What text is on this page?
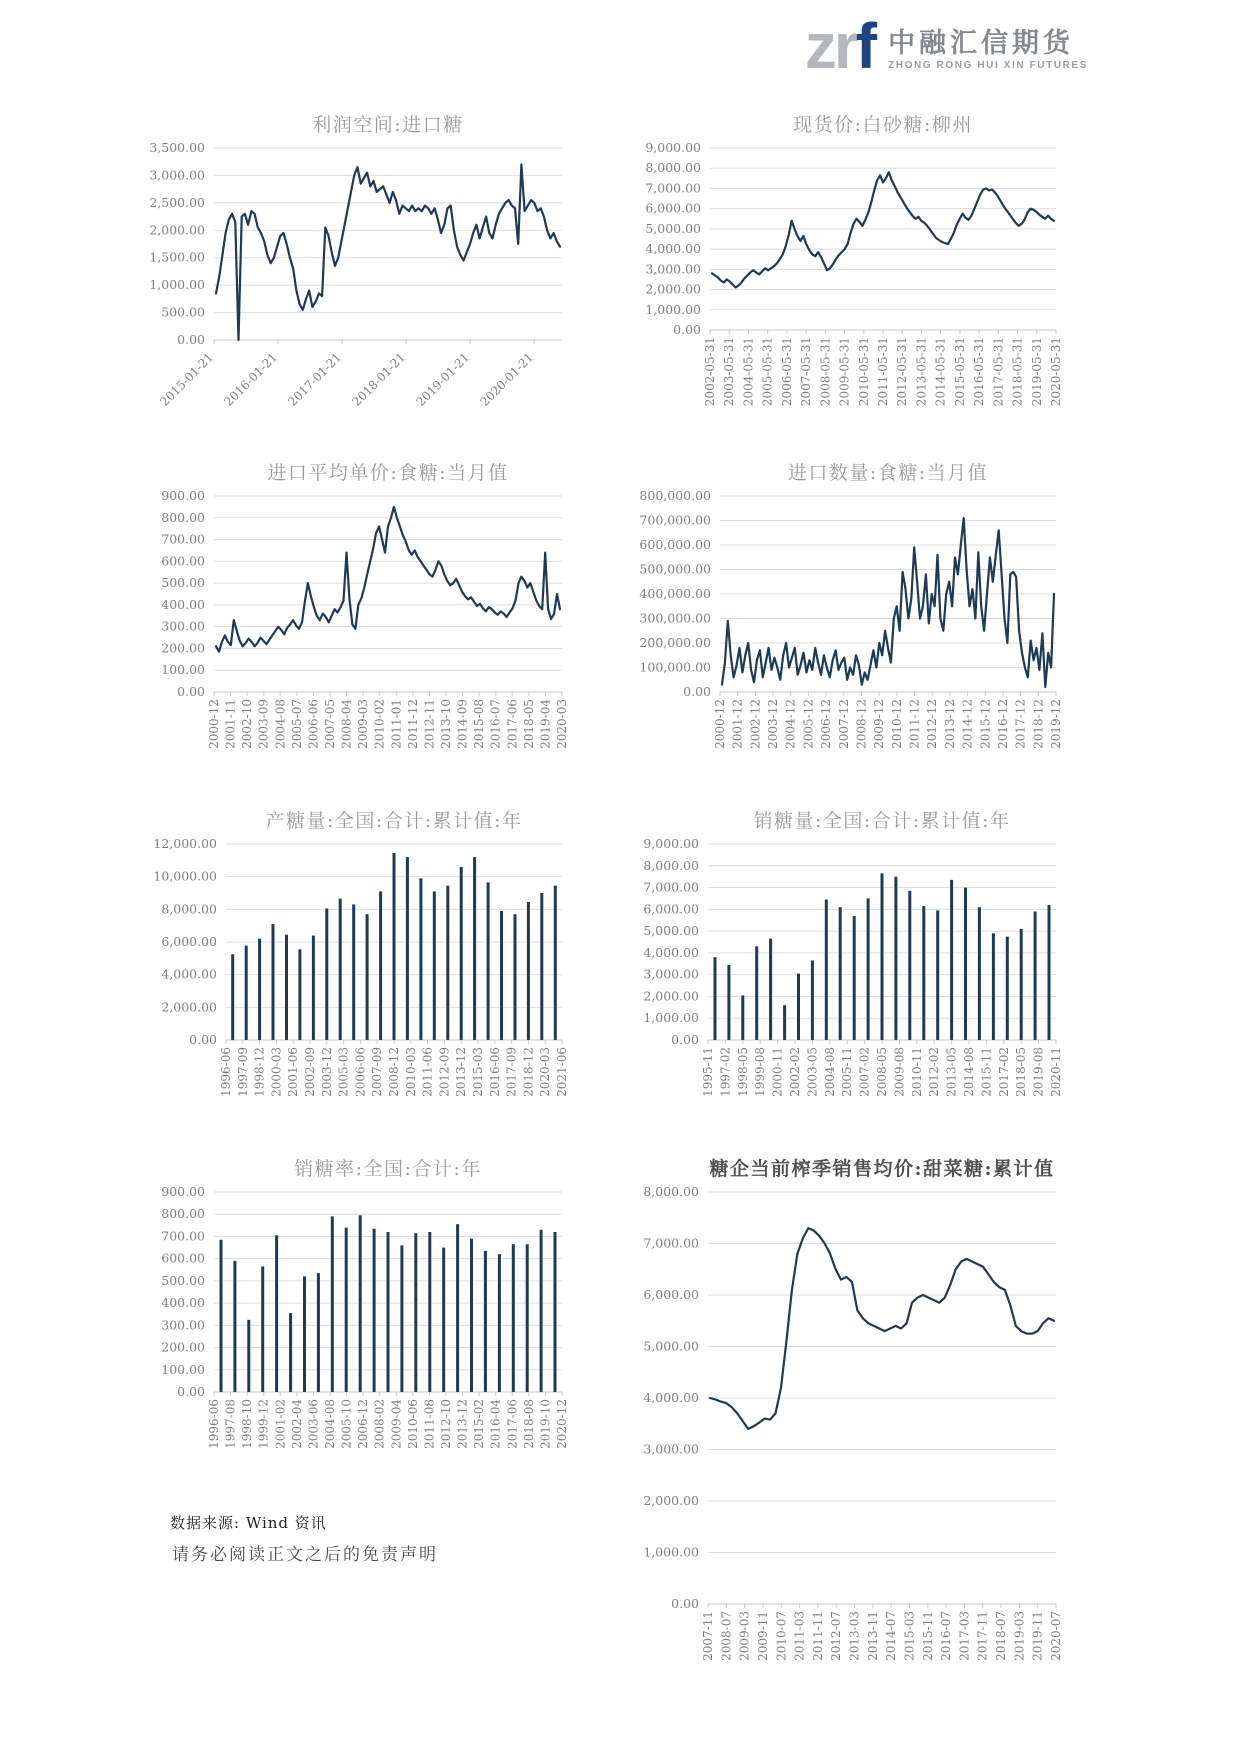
zrf 中融汇信期货
ZHONG RONG HUI XIN FUTURES
利润空间:进口糖
0.00
500.00
1,000.00
1,500.00
2,000.00
2,500.00
3,000.00
3,500.00
2015-01-21 2016-01-21 2017-01-21 2018-01-21 2019-01-21 2020-01-21
现货价:白砂糖:柳州
0.00
1,000.00
2,000.00
3,000.00
4,000.00
5,000.00
6,000.00
7,000.00
8,000.00
9,000.00
2002-05-31 2003-05-31 2004-05-31 2005-05-31 2006-05-31 2007-05-31 2008-05-31 2009-05-31 2010-05-31 2011-05-31 2012-05-31 2013-05-31 2014-05-31 2015-05-31 2016-05-31 2017-05-31 2018-05-31 2019-05-31 2020-05-31
进口平均单价:食糖:当月值
0.00
100.00
200.00
300.00
400.00
500.00
600.00
700.00
800.00
900.00
2000-12 2001-11 2002-10 2003-09 2004-08 2005-07 2006-06 2007-05 2008-04 2009-03 2010-02 2011-01 2011-12 2012-11 2013-10 2014-09 2015-08 2016-07 2017-06 2018-05 2019-04 2020-03
进口数量:食糖:当月值
0.00
100,000.00
200,000.00
300,000.00
400,000.00
500,000.00
600,000.00
700,000.00
800,000.00
2000-12 2001-12 2002-12 2003-12 2004-12 2005-12 2006-12 2007-12 2008-12 2009-12 2010-12 2011-12 2012-12 2013-12 2014-12 2015-12 2016-12 2017-12 2018-12 2019-12
产糖量:全国:合计:累计值:年
0.00
2,000.00
4,000.00
6,000.00
8,000.00
10,000.00
12,000.00
1996-06 1997-09 1998-12 2000-03 2001-06 2002-09 2003-12 2005-03 2006-06 2007-09 2008-12 2010-03 2011-06 2012-09 2013-12 2015-03 2016-06 2017-09 2018-12 2020-03 2021-06
销糖量:全国:合计:累计值:年
0.00
1,000.00
2,000.00
3,000.00
4,000.00
5,000.00
6,000.00
7,000.00
8,000.00
9,000.00
1995-11 1997-02 1998-05 1999-08 2000-11 2002-02 2003-05 2004-08 2005-11 2007-02 2008-05 2009-08 2010-11 2012-02 2013-05 2014-08 2015-11 2017-02 2018-05 2019-08 2020-11
销糖率:全国:合计:年
0.00
100.00
200.00
300.00
400.00
500.00
600.00
700.00
800.00
900.00
1996-06 1997-08 1998-10 1999-12 2001-02 2002-04 2003-06 2004-08 2005-10 2006-12 2008-02 2009-04 2010-06 2011-08 2012-10 2013-12 2015-02 2016-04 2017-06 2018-08 2019-10 2020-12
糖企当前榨季销售均价:甜菜糖:累计值
0.00
1,000.00
2,000.00
3,000.00
4,000.00
5,000.00
6,000.00
7,000.00
8,000.00
2007-11 2008-07 2009-03 2009-11 2010-07 2011-03 2011-11 2012-07 2013-03 2013-11 2014-07 2015-03 2015-11 2016-07 2017-03 2017-11 2018-07 2019-03 2019-11 2020-07
数据来源: Wind 资讯
请务必阅读正文之后的免责声明
